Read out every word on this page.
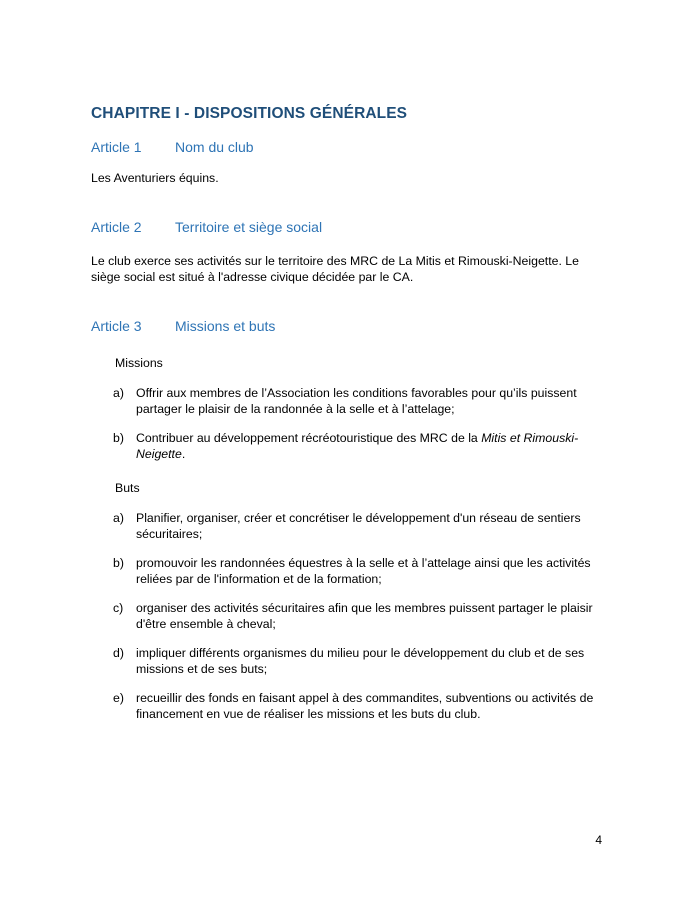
CHAPITRE I - DISPOSITIONS GÉNÉRALES
Article 1	Nom du club

Les Aventuriers équins.

Article 2	Territoire et siège social

Le club exerce ses activités sur le territoire des MRC de La Mitis et Rimouski-Neigette. Le siège social est situé à l'adresse civique décidée par le CA.

Article 3	Missions et buts

Missions

a) Offrir aux membres de l’Association les conditions favorables pour qu’ils puissent partager le plaisir de la randonnée à la selle et à l’attelage;
b) Contribuer au développement récréotouristique des MRC de la Mitis et Rimouski-Neigette.

Buts

a) Planifier, organiser, créer et concrétiser le développement d'un réseau de sentiers sécuritaires;
b) promouvoir les randonnées équestres à la selle et à l’attelage ainsi que les activités reliées par de l'information et de la formation;
c)	organiser des activités sécuritaires afin que les membres puissent partager le plaisir d'être ensemble à cheval;
d) impliquer différents organismes du milieu pour le développement du club et de ses missions et de ses buts;
e) recueillir des fonds en faisant appel à des commandites, subventions ou activités de financement en vue de réaliser les missions et les buts du club.
4
